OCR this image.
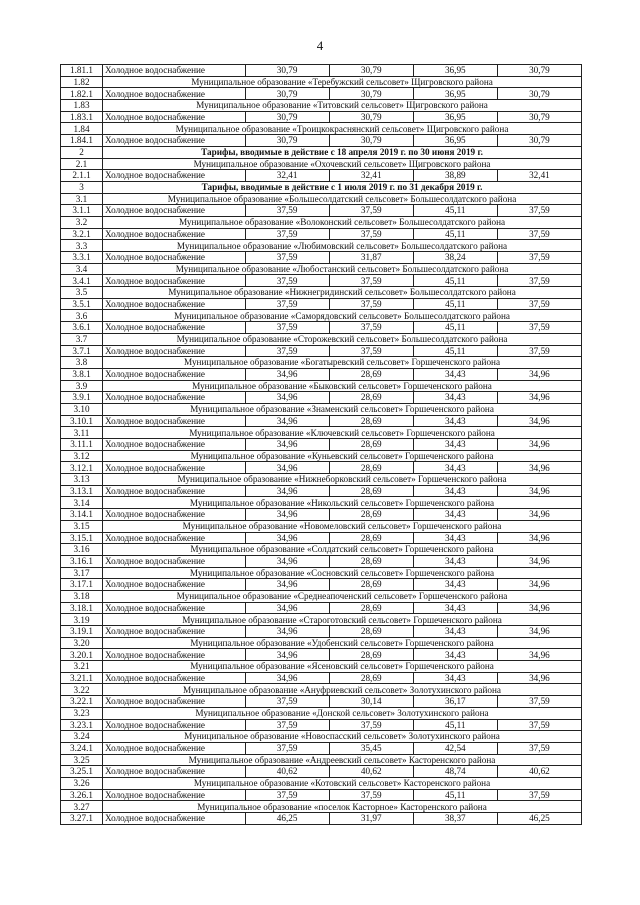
4
1.81.1	Холодное водоснабжение	30,79	30,79	36,95	30,79
1.82	Муниципальное образование «Теребужский сельсовет» Щигровского района				
1.82.1	Холодное водоснабжение	30,79	30,79	36,95	30,79
1.83	Муниципальное образование «Титовский сельсовет» Щигровского района				
1.83.1	Холодное водоснабжение	30,79	30,79	36,95	30,79
1.84	Муниципальное образование «Троицкокраснянский сельсовет» Щигровского района				
1.84.1	Холодное водоснабжение	30,79	30,79	36,95	30,79
2	Тарифы, вводимые в действие с 18 апреля 2019 г. по 30 июня 2019 г.				
2.1	Муниципальное образование «Охочевский сельсовет» Щигровского района				
2.1.1	Холодное водоснабжение	32,41	32,41	38,89	32,41
3	Тарифы, вводимые в действие с 1 июля 2019 г. по 31 декабря 2019 г.				
3.1	Муниципальное образование «Большесолдатский сельсовет» Большесолдатского района				
3.1.1	Холодное водоснабжение	37,59	37,59	45,11	37,59
3.2	Муниципальное образование «Волоконский сельсовет» Большесолдатского района				
3.2.1	Холодное водоснабжение	37,59	37,59	45,11	37,59
3.3	Муниципальное образование «Любимовский сельсовет» Большесолдатского района				
3.3.1	Холодное водоснабжение	37,59	31,87	38,24	37,59
3.4	Муниципальное образование «Любостанский сельсовет» Большесолдатского района				
3.4.1	Холодное водоснабжение	37,59	37,59	45,11	37,59
3.5	Муниципальное образование «Нижнегридинский сельсовет» Большесолдатского района				
3.5.1	Холодное водоснабжение	37,59	37,59	45,11	37,59
3.6	Муниципальное образование «Саморядовский сельсовет» Большесолдатского района				
3.6.1	Холодное водоснабжение	37,59	37,59	45,11	37,59
3.7	Муниципальное образование «Сторожевский сельсовет» Большесолдатского района				
3.7.1	Холодное водоснабжение	37,59	37,59	45,11	37,59
3.8	Муниципальное образование «Богатыревский сельсовет» Горшеченского района				
3.8.1	Холодное водоснабжение	34,96	28,69	34,43	34,96
3.9	Муниципальное образование «Быковский сельсовет» Горшеченского района				
3.9.1	Холодное водоснабжение	34,96	28,69	34,43	34,96
3.10	Муниципальное образование «Знаменский сельсовет» Горшеченского района				
3.10.1	Холодное водоснабжение	34,96	28,69	34,43	34,96
3.11	Муниципальное образование «Ключевский сельсовет» Горшеченского района				
3.11.1	Холодное водоснабжение	34,96	28,69	34,43	34,96
3.12	Муниципальное образование «Куньевский сельсовет» Горшеченского района				
3.12.1	Холодное водоснабжение	34,96	28,69	34,43	34,96
3.13	Муниципальное образование «Нижнеборковский сельсовет» Горшеченского района				
3.13.1	Холодное водоснабжение	34,96	28,69	34,43	34,96
3.14	Муниципальное образование «Никольский сельсовет» Горшеченского района				
3.14.1	Холодное водоснабжение	34,96	28,69	34,43	34,96
3.15	Муниципальное образование «Новомеловский сельсовет» Горшеченского района				
3.15.1	Холодное водоснабжение	34,96	28,69	34,43	34,96
3.16	Муниципальное образование «Солдатский сельсовет» Горшеченского района				
3.16.1	Холодное водоснабжение	34,96	28,69	34,43	34,96
3.17	Муниципальное образование «Сосновский сельсовет» Горшеченского района				
3.17.1	Холодное водоснабжение	34,96	28,69	34,43	34,96
3.18	Муниципальное образование «Среднеапоченский сельсовет» Горшеченского района				
3.18.1	Холодное водоснабжение	34,96	28,69	34,43	34,96
3.19	Муниципальное образование «Староготовский сельсовет» Горшеченского района				
3.19.1	Холодное водоснабжение	34,96	28,69	34,43	34,96
3.20	Муниципальное образование «Удобенский сельсовет» Горшеченского района				
3.20.1	Холодное водоснабжение	34,96	28,69	34,43	34,96
3.21	Муниципальное образование «Ясеновский сельсовет» Горшеченского района				
3.21.1	Холодное водоснабжение	34,96	28,69	34,43	34,96
3.22	Муниципальное образование «Ануфриевский сельсовет» Золотухинского района				
3.22.1	Холодное водоснабжение	37,59	30,14	36,17	37,59
3.23	Муниципальное образование «Донской сельсовет» Золотухинского района				
3.23.1	Холодное водоснабжение	37,59	37,59	45,11	37,59
3.24	Муниципальное образование «Новоспасский сельсовет» Золотухинского района				
3.24.1	Холодное водоснабжение	37,59	35,45	42,54	37,59
3.25	Муниципальное образование «Андреевский сельсовет» Касторенского района				
3.25.1	Холодное водоснабжение	40,62	40,62	48,74	40,62
3.26	Муниципальное образование «Котовский сельсовет» Касторенского района				
3.26.1	Холодное водоснабжение	37,59	37,59	45,11	37,59
3.27	Муниципальное образование «поселок Касторное» Касторенского района				
3.27.1	Холодное водоснабжение	46,25	31,97	38,37	46,25
